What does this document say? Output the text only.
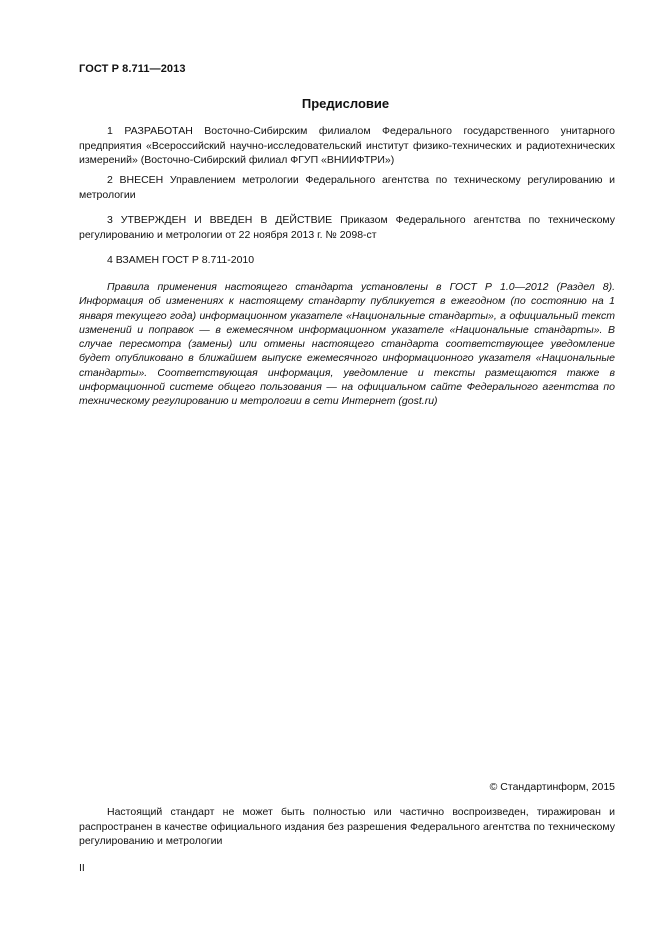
ГОСТ Р 8.711—2013
Предисловие
1 РАЗРАБОТАН Восточно-Сибирским филиалом Федерального государственного унитарного предприятия «Всероссийский научно-исследовательский институт физико-технических и радиотехнических измерений» (Восточно-Сибирский филиал ФГУП «ВНИИФТРИ»)
2 ВНЕСЕН Управлением метрологии Федерального агентства по техническому регулированию и метрологии
3 УТВЕРЖДЕН И ВВЕДЕН В ДЕЙСТВИЕ Приказом Федерального агентства по техническому регулированию и метрологии от 22 ноября 2013 г. № 2098-ст
4 ВЗАМЕН ГОСТ Р 8.711-2010
Правила применения настоящего стандарта установлены в ГОСТ Р 1.0—2012 (Раздел 8). Информация об изменениях к настоящему стандарту публикуется в ежегодном (по состоянию на 1 января текущего года) информационном указателе «Национальные стандарты», а официальный текст изменений и поправок — в ежемесячном информационном указателе «Национальные стандарты». В случае пересмотра (замены) или отмены настоящего стандарта соответствующее уведомление будет опубликовано в ближайшем выпуске ежемесячного информационного указателя «Национальные стандарты». Соответствующая информация, уведомление и тексты размещаются также в информационной системе общего пользования — на официальном сайте Федерального агентства по техническому регулированию и метрологии в сети Интернет (gost.ru)
© Стандартинформ, 2015
Настоящий стандарт не может быть полностью или частично воспроизведен, тиражирован и распространен в качестве официального издания без разрешения Федерального агентства по техническому регулированию и метрологии
II
